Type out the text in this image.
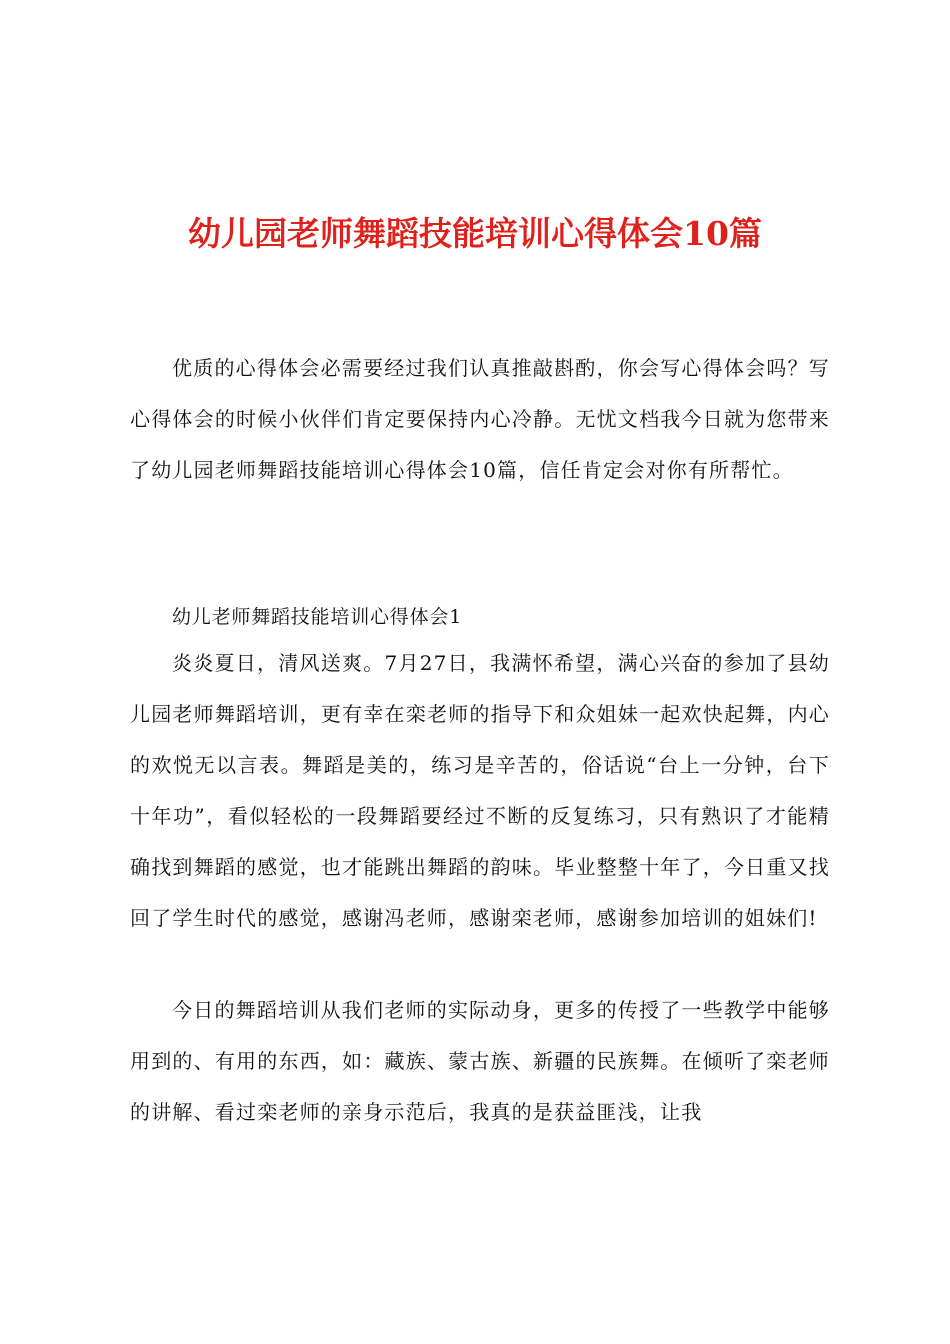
幼儿园老师舞蹈技能培训心得体会10篇
优质的心得体会必需要经过我们认真推敲斟酌，你会写心得体会吗？写心得体会的时候小伙伴们肯定要保持内心冷静。无忧文档我今日就为您带来了幼儿园老师舞蹈技能培训心得体会10篇，信任肯定会对你有所帮忙。
幼儿老师舞蹈技能培训心得体会1
炎炎夏日，清风送爽。7月27日，我满怀希望，满心兴奋的参加了县幼儿园老师舞蹈培训，更有幸在栾老师的指导下和众姐妹一起欢快起舞，内心的欢悦无以言表。舞蹈是美的，练习是辛苦的，俗话说“台上一分钟，台下十年功”，看似轻松的一段舞蹈要经过不断的反复练习，只有熟识了才能精确找到舞蹈的感觉，也才能跳出舞蹈的韵味。毕业整整十年了，今日重又找回了学生时代的感觉，感谢冯老师，感谢栾老师，感谢参加培训的姐妹们!
今日的舞蹈培训从我们老师的实际动身，更多的传授了一些教学中能够用到的、有用的东西，如：藏族、蒙古族、新疆的民族舞。在倾听了栾老师的讲解、看过栾老师的亲身示范后，我真的是获益匪浅，让我
